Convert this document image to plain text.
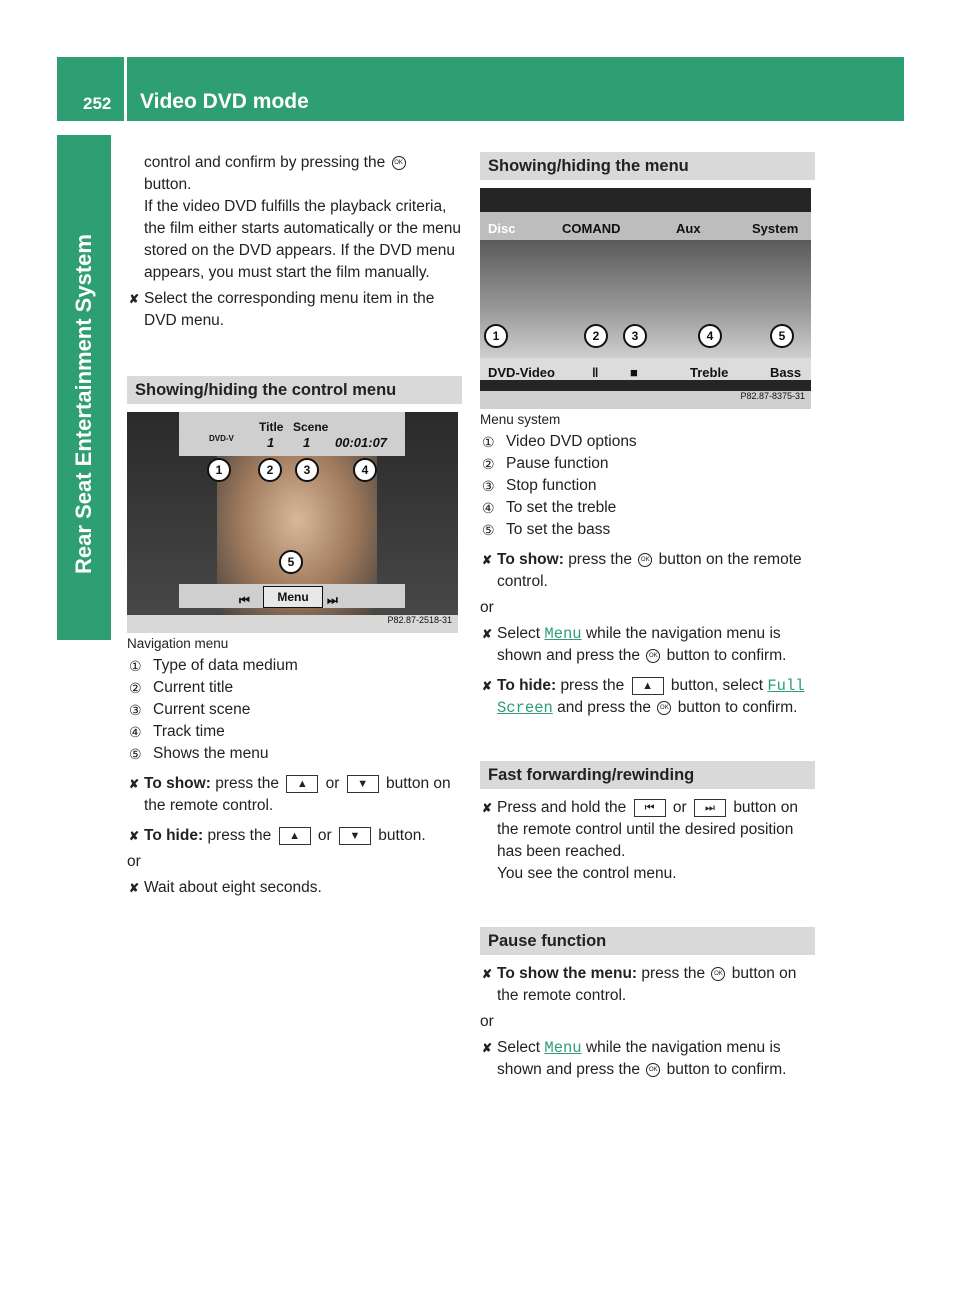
252 Video DVD mode
Rear Seat Entertainment System

control and confirm by pressing the OK
button.
If the video DVD fulfills the playback criteria, the film either starts automatically or the menu stored on the DVD appears. If the DVD menu appears, you must start the film manually.

✘ Select the corresponding menu item in the DVD menu.

Showing/hiding the control menu
Title Scene
DVD-V	1 1 00:01:07
1	2	3	4
5
⏮	Menu	⏭
P82.87-2518-31

Navigation menu

① Type of data medium

② Current title

③ Current scene

④ Track time

⑤ Shows the menu

✘ To show: press the ▲ or ▼ button on the remote control.

✘ To hide: press the ▲ or ▼ button.

or

✘ Wait about eight seconds.

Showing/hiding the menu
Disc	COMAND	Aux	System
1	2	3	4	5
DVD-Video	‖ ■	Treble	Bass
P82.87-8375-31

Menu system

① Video DVD options

② Pause function

③ Stop function

④ To set the treble

⑤ To set the bass

✘ To show: press the OK button on the remote control.

or

✘ Select Menu while the navigation menu is shown and press the OK button to confirm.

✘ To hide: press the ▲ button, select Full Screen and press the OK button to confirm.

Fast forwarding/rewinding

✘ Press and hold the ⏮ or ⏭ button on the remote control until the desired position has been reached.
You see the control menu.

Pause function

✘ To show the menu: press the OK button on the remote control.

or

✘ Select Menu while the navigation menu is shown and press the OK button to confirm.
